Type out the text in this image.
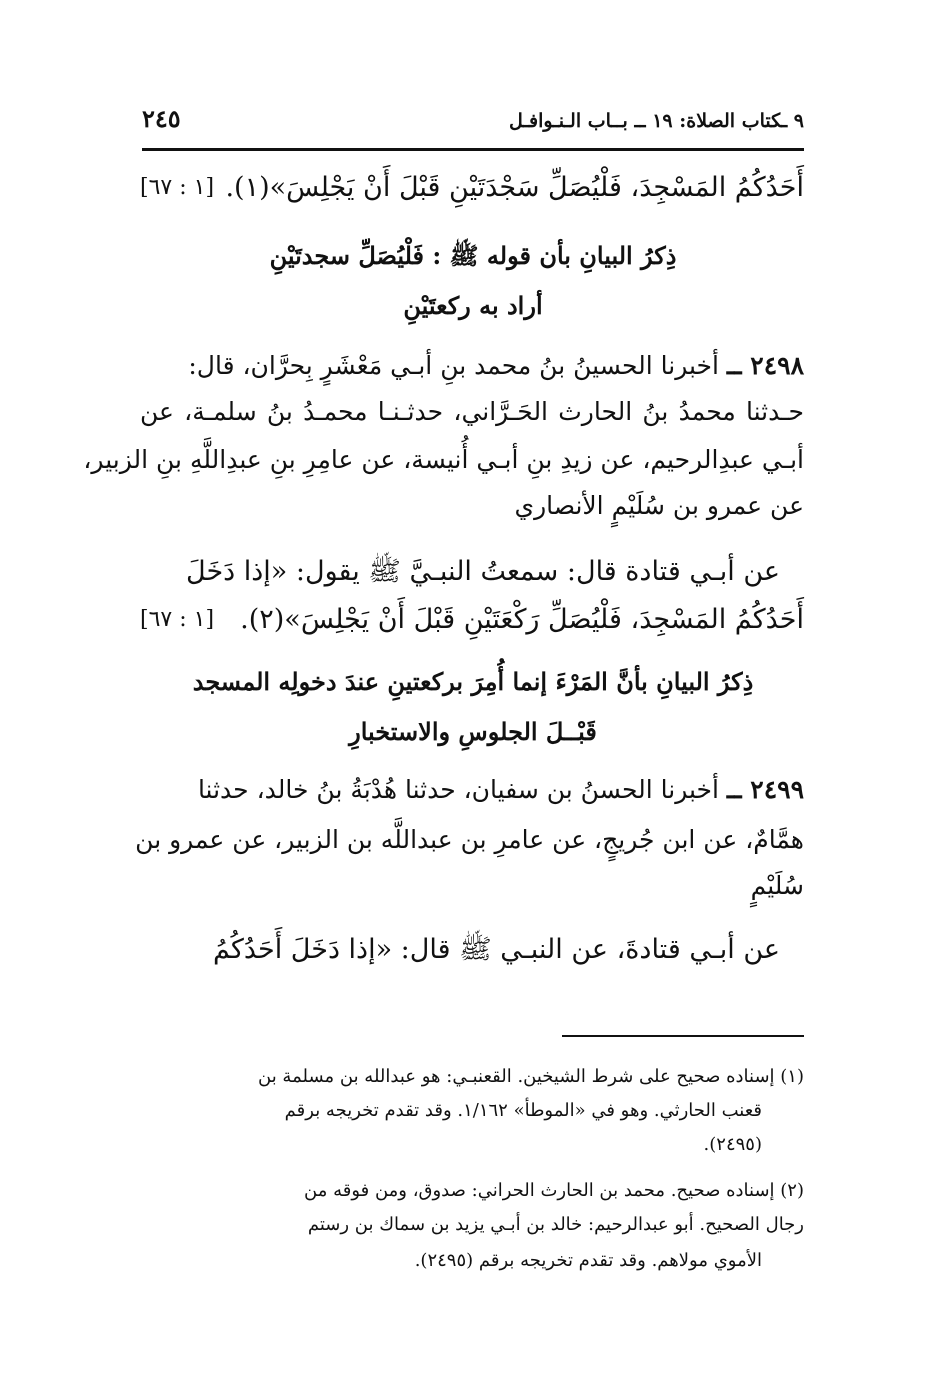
٩ ـكتاب الصلاة: ١٩ ــ بــاب الـنـوافـل
٢٤٥
أَحَدُكُمُ المَسْجِدَ، فَلْيُصَلِّ سَجْدَتَيْنِ قَبْلَ أَنْ يَجْلِسَ»(١).
[١ : ٦٧]
ذِكرُ البيانِ بأن قوله ﷺ : فَلْيُصَلِّ سجدتَيْنِ
أراد به ركعتَيْنِ
٢٤٩٨ ــ أخبرنا الحسينُ بنُ محمد بنِ أبـي مَعْشَرٍ بِحرَّان، قال:
حـدثنا محمدُ بنُ الحارث الحَـرَّاني، حدثـنـا محمـدُ بنُ سلمـة، عن
أبـي عبدِالرحيم، عن زيدِ بنِ أبـي أُنيسة، عن عامِرِ بنِ عبدِاللَّهِ بنِ الزبير،
عن عمرو بن سُلَيْمٍ الأنصاري
عن أبـي قتادة قال: سمعتُ النبـيَّ ﷺ يقول: «إذا دَخَلَ
أَحَدُكُمُ المَسْجِدَ، فَلْيُصَلِّ رَكْعَتَيْنِ قَبْلَ أَنْ يَجْلِسَ»(٢).
[١ : ٦٧]
ذِكرُ البيانِ بأنَّ المَرْءَ إنما أُمِرَ بركعتينِ عندَ دخولِه المسجد
قَبْــلَ الجلوسِ والاستخبارِ
٢٤٩٩ ــ أخبرنا الحسنُ بن سفيان، حدثنا هُدْبَةُ بنُ خالد، حدثنا
همَّامٌ، عن ابن جُريجٍ، عن عامرِ بن عبداللَّه بن الزبير، عن عمرو بن
سُلَيْمٍ
عن أبـي قتادةَ، عن النبـي ﷺ قال: «إذا دَخَلَ أَحَدُكُمُ
(١) إسناده صحيح على شرط الشيخين. القعنبـي: هو عبدالله بن مسلمة بن
قعنب الحارثي. وهو في «الموطأ» ١/١٦٢. وقد تقدم تخريجه برقم
(٢٤٩٥).
(٢) إسناده صحيح. محمد بن الحارث الحراني: صدوق، ومن فوقه من
رجال الصحيح. أبو عبدالرحيم: خالد بن أبـي يزيد بن سماك بن رستم
الأموي مولاهم. وقد تقدم تخريجه برقم (٢٤٩٥).
